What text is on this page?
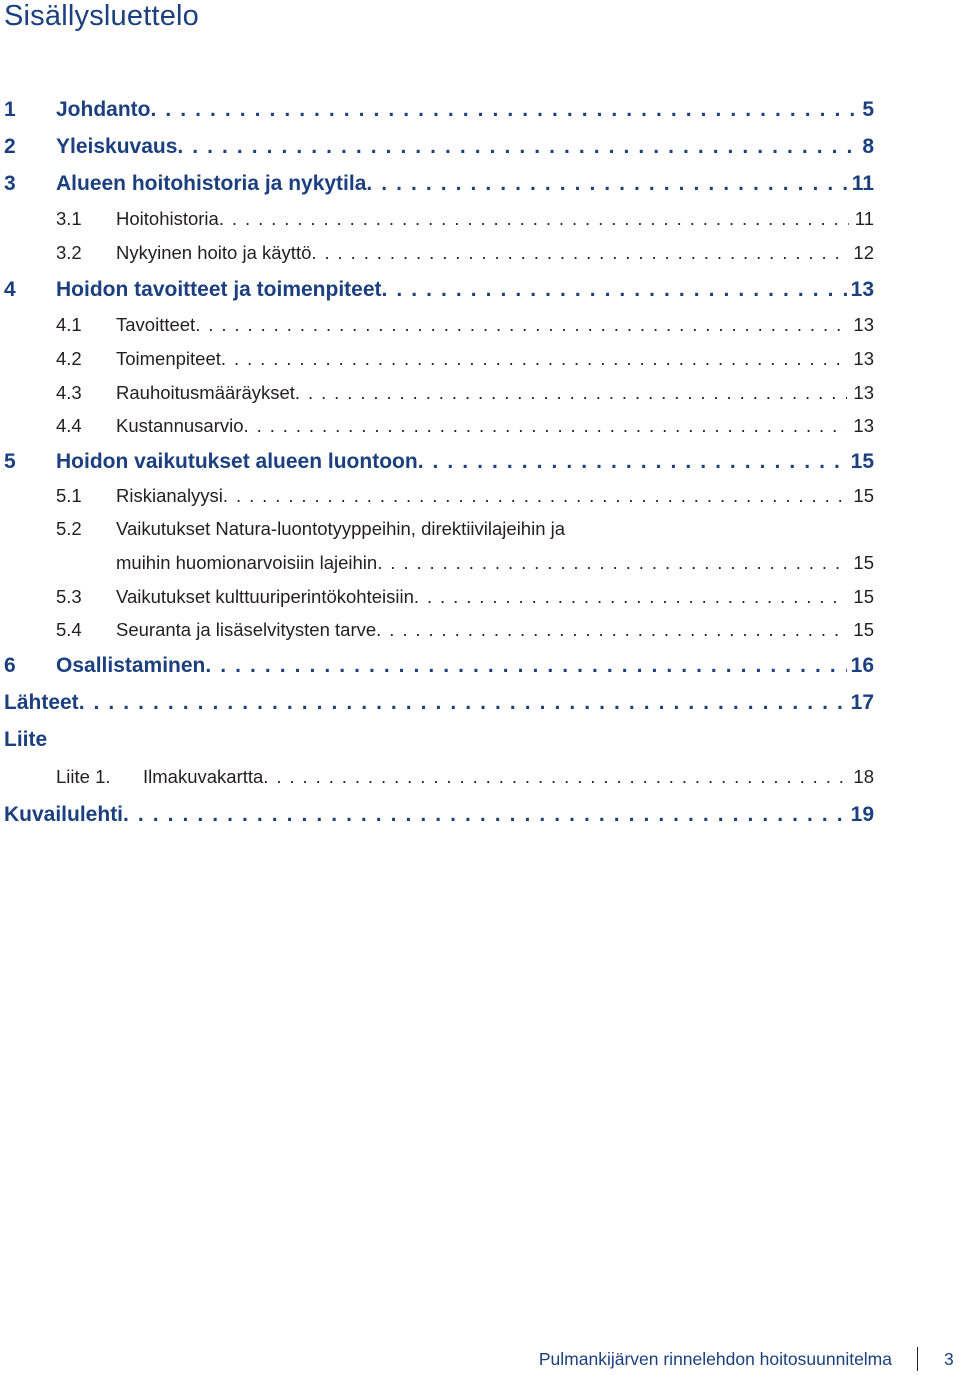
Sisällysluettelo
1	Johdanto . . .	5
2	Yleiskuvaus . . .	8
3	Alueen hoitohistoria ja nykytila . . .	11
3.1	Hoitohistoria . . .	11
3.2	Nykyinen hoito ja käyttö . . .	12
4	Hoidon tavoitteet ja toimenpiteet . . .	13
4.1	Tavoitteet . . .	13
4.2	Toimenpiteet . . .	13
4.3	Rauhoitusmääräykset . . .	13
4.4	Kustannusarvio . . .	13
5	Hoidon vaikutukset alueen luontoon . . .	15
5.1	Riskianalyysi . . .	15
5.2	Vaikutukset Natura-luontotyyppeihin, direktiivilajeihin ja
muihin huomionarvoisiin lajeihin . . .	15
5.3	Vaikutukset kulttuuriperintökohteisiin . . .	15
5.4	Seuranta ja lisäselvitysten tarve . . .	15
6	Osallistaminen . . .	16
Lähteet . . .	17
Liite
Liite 1.	Ilmakuvakartta . . .	18
Kuvailulehti . . .	19
Pulmankijärven rinnelehdon hoitosuunnitelma	3
